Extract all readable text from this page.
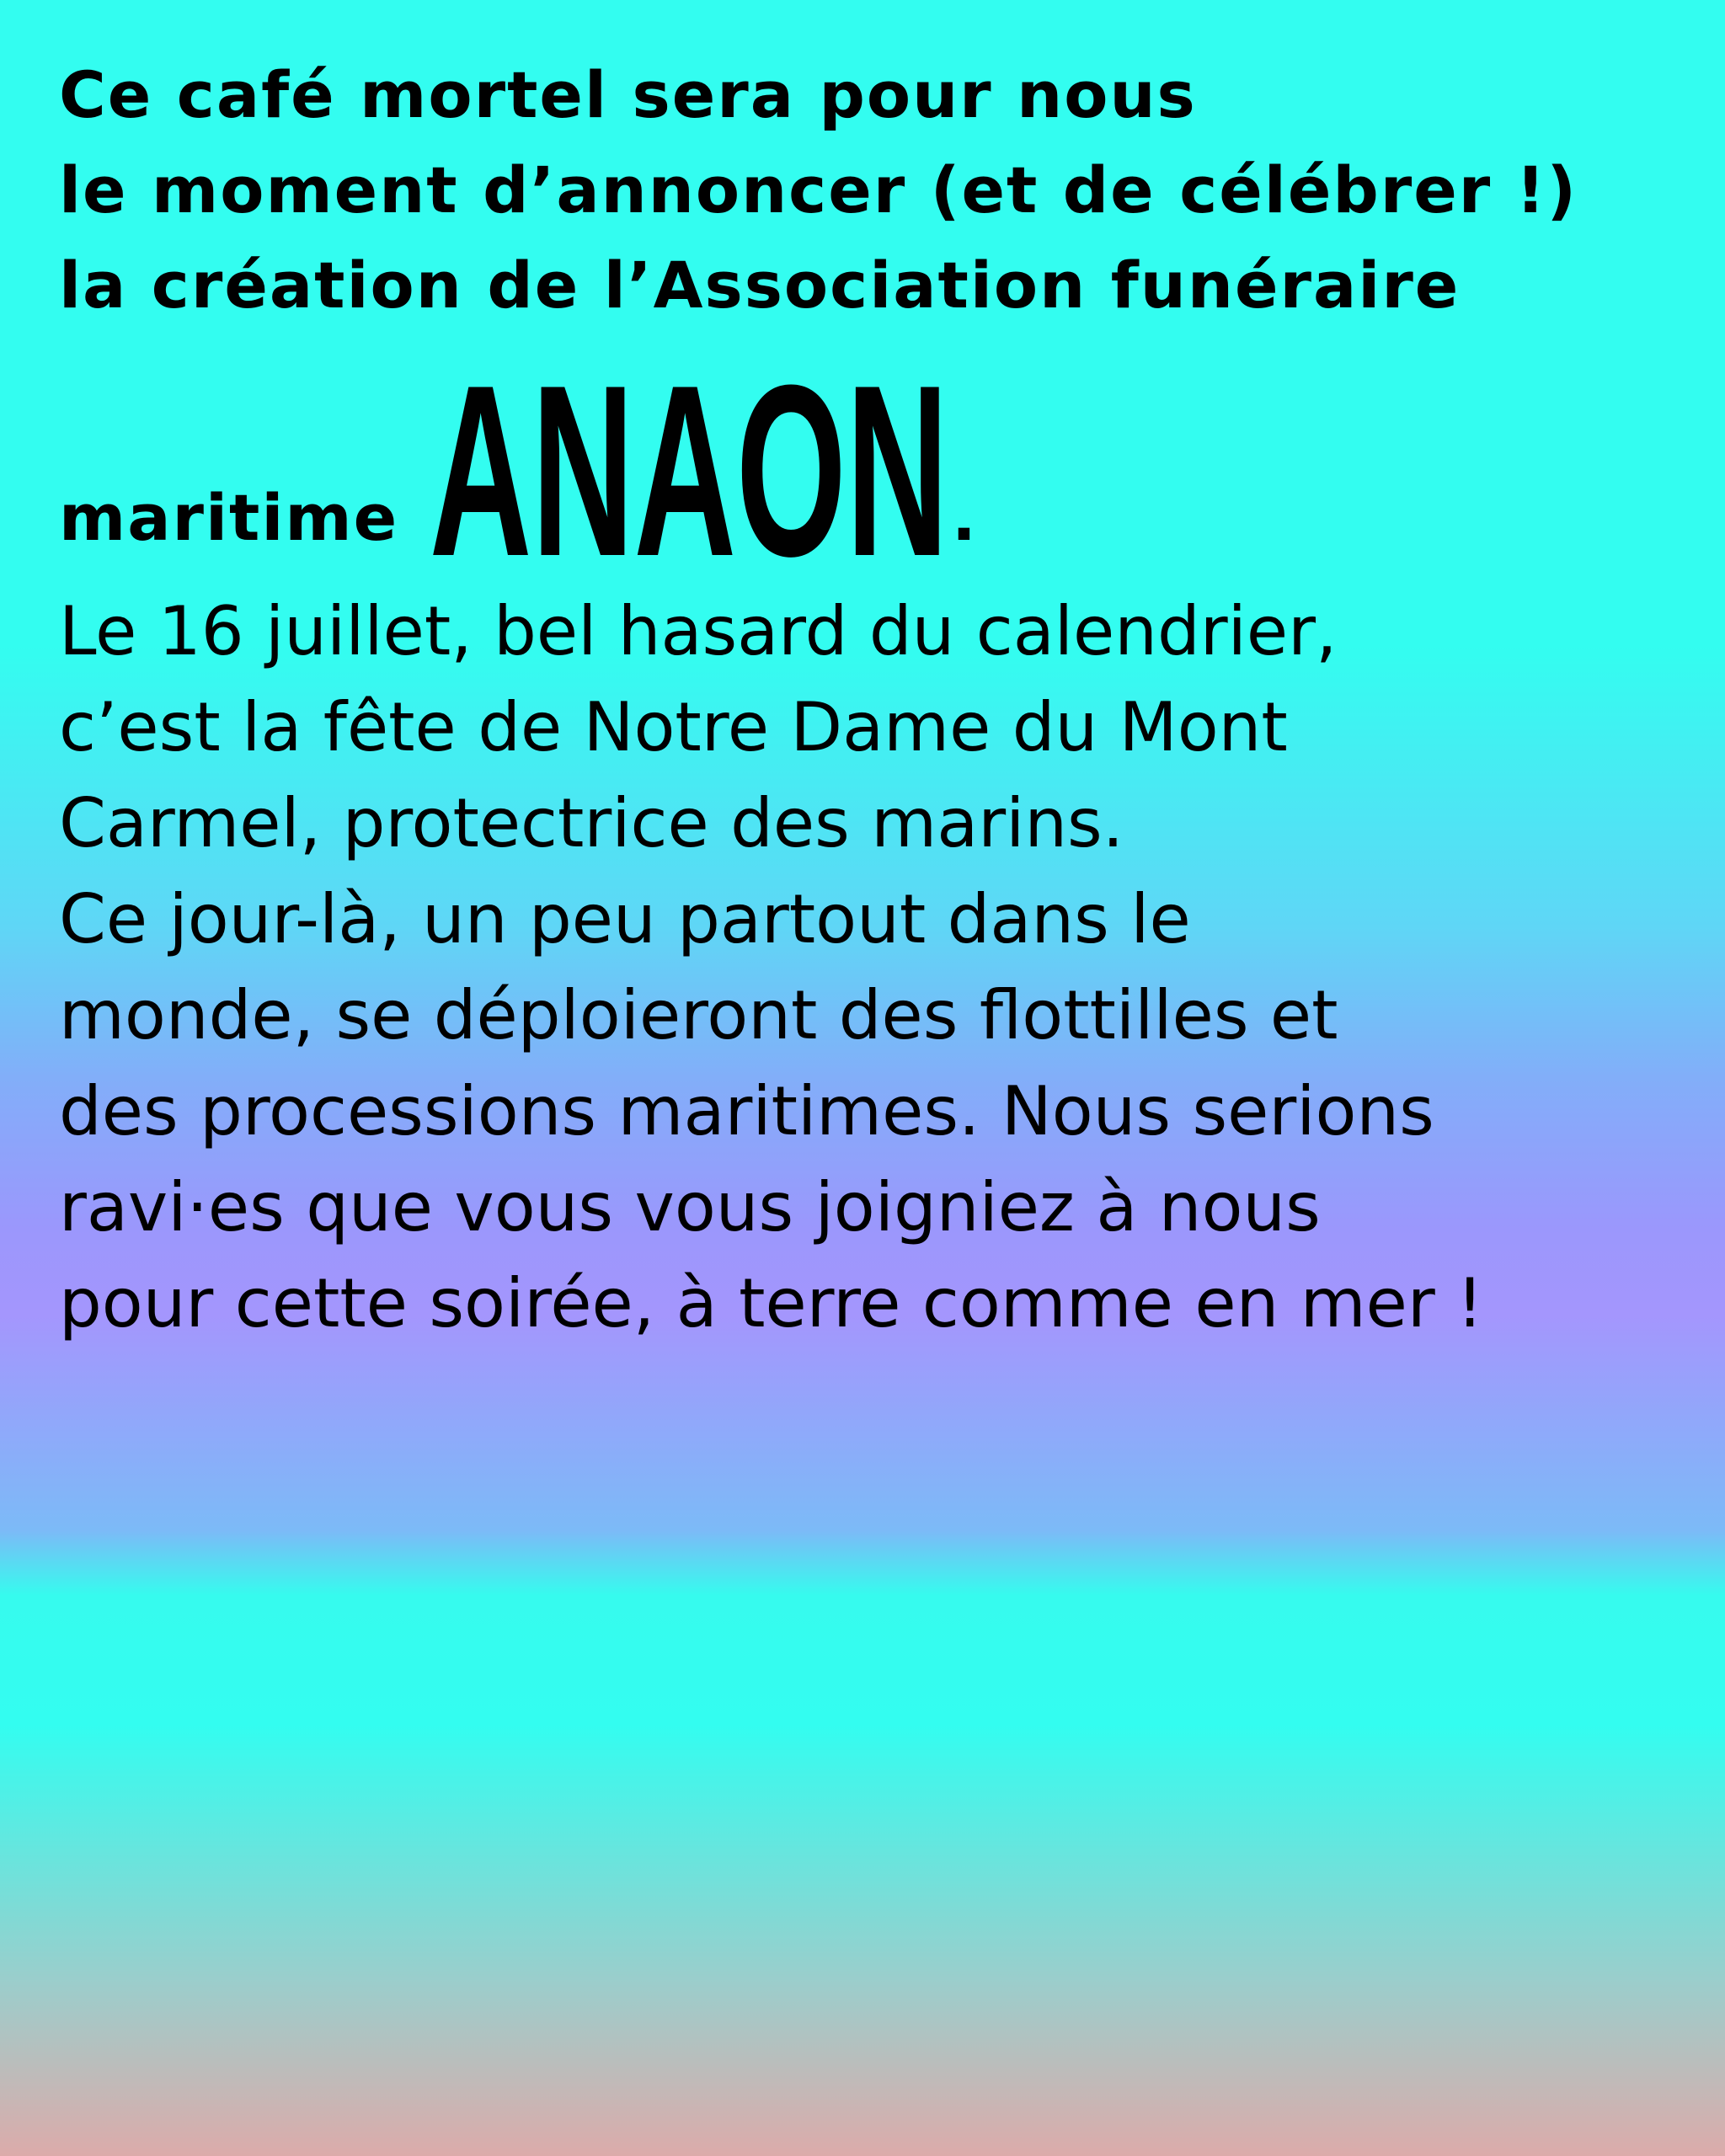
Ce café mortel sera pour nous
le moment d’annoncer (et de célébrer !)
la création de l’Association funéraire
maritime ANAON .
Le 16 juillet, bel hasard du calendrier,
c’est la fête de Notre Dame du Mont
Carmel, protectrice des marins.
Ce jour-là, un peu partout dans le
monde, se déploieront des flottilles et
des processions maritimes. Nous serions
ravi·es que vous vous joigniez à nous
pour cette soirée, à terre comme en mer !
